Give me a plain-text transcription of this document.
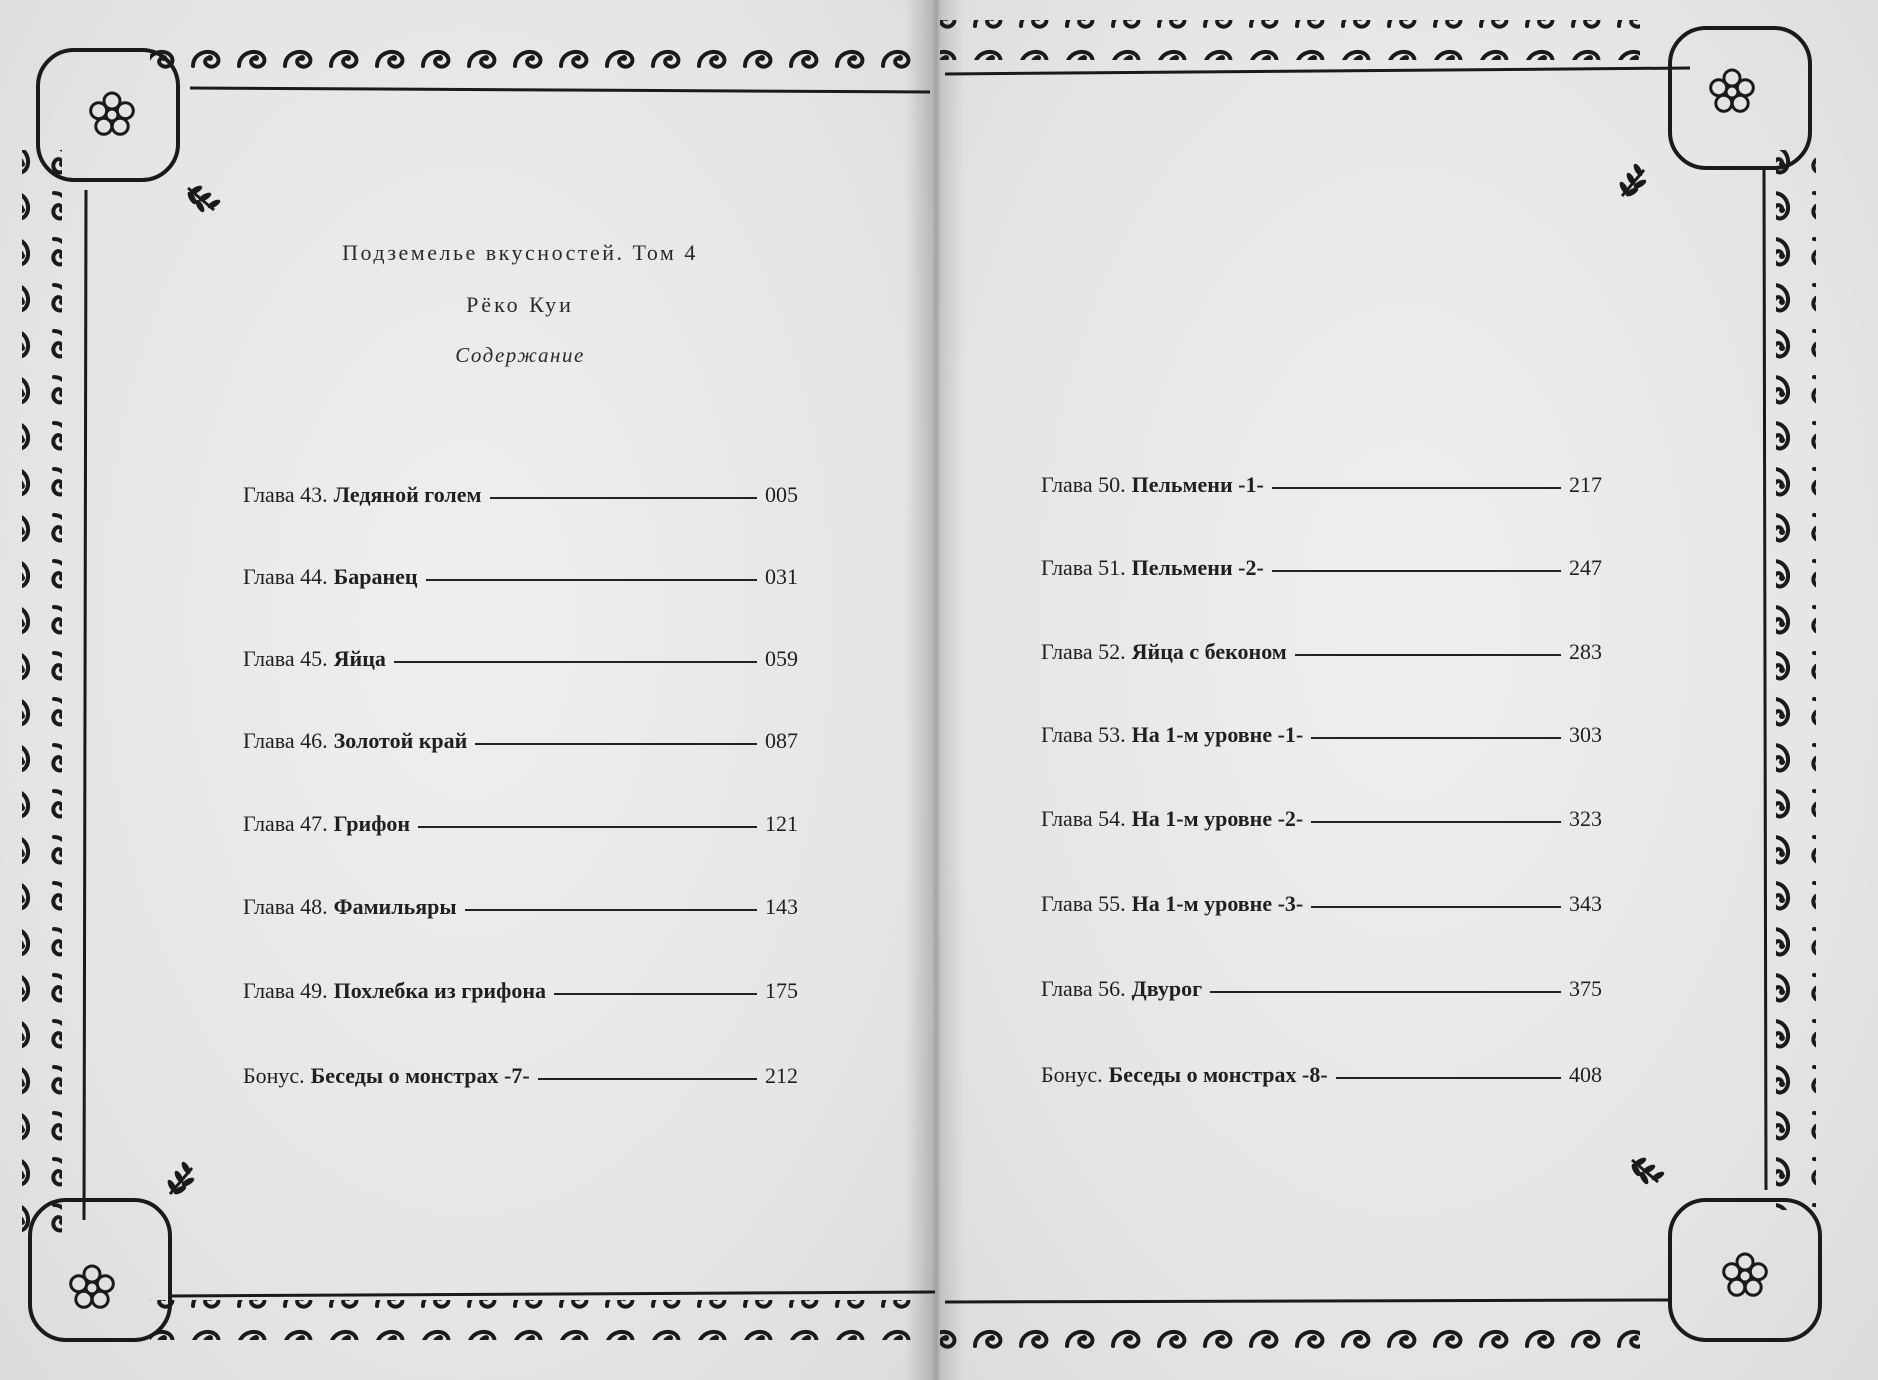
Подземелье вкусностей. Том 4
Рёко Куи
Содержание
Глава 43. Ледяной голем	005
Глава 44. Баранец	031
Глава 45. Яйца	059
Глава 46. Золотой край	087
Глава 47. Грифон	121
Глава 48. Фамильяры	143
Глава 49. Похлебка из грифона	175
Бонус. Беседы о монстрах -7-	212
Глава 50. Пельмени -1-	217
Глава 51. Пельмени -2-	247
Глава 52. Яйца с беконом	283
Глава 53. На 1-м уровне -1-	303
Глава 54. На 1-м уровне -2-	323
Глава 55. На 1-м уровне -3-	343
Глава 56. Двурог	375
Бонус. Беседы о монстрах -8-	408
